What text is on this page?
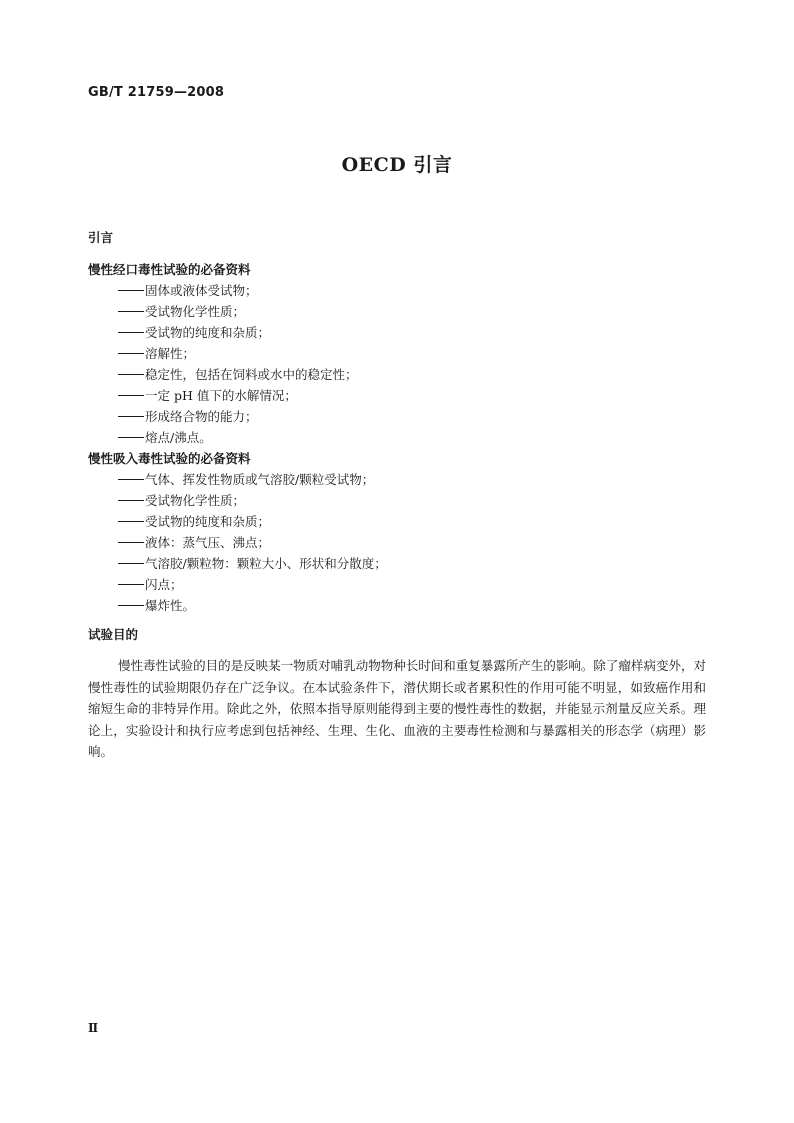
GB/T 21759—2008
OECD 引言
引言
慢性经口毒性试验的必备资料
固体或液体受试物；
受试物化学性质；
受试物的纯度和杂质；
溶解性；
稳定性，包括在饲料或水中的稳定性；
一定 pH 值下的水解情况；
形成络合物的能力；
熔点/沸点。
慢性吸入毒性试验的必备资料
气体、挥发性物质或气溶胶/颗粒受试物；
受试物化学性质；
受试物的纯度和杂质；
液体：蒸气压、沸点；
气溶胶/颗粒物：颗粒大小、形状和分散度；
闪点；
爆炸性。
试验目的
慢性毒性试验的目的是反映某一物质对哺乳动物物种长时间和重复暴露所产生的影响。除了瘤样病变外，对慢性毒性的试验期限仍存在广泛争议。在本试验条件下，潜伏期长或者累积性的作用可能不明显，如致癌作用和缩短生命的非特异作用。除此之外，依照本指导原则能得到主要的慢性毒性的数据，并能显示剂量反应关系。理论上，实验设计和执行应考虑到包括神经、生理、生化、血液的主要毒性检测和与暴露相关的形态学（病理）影响。
Ⅱ
